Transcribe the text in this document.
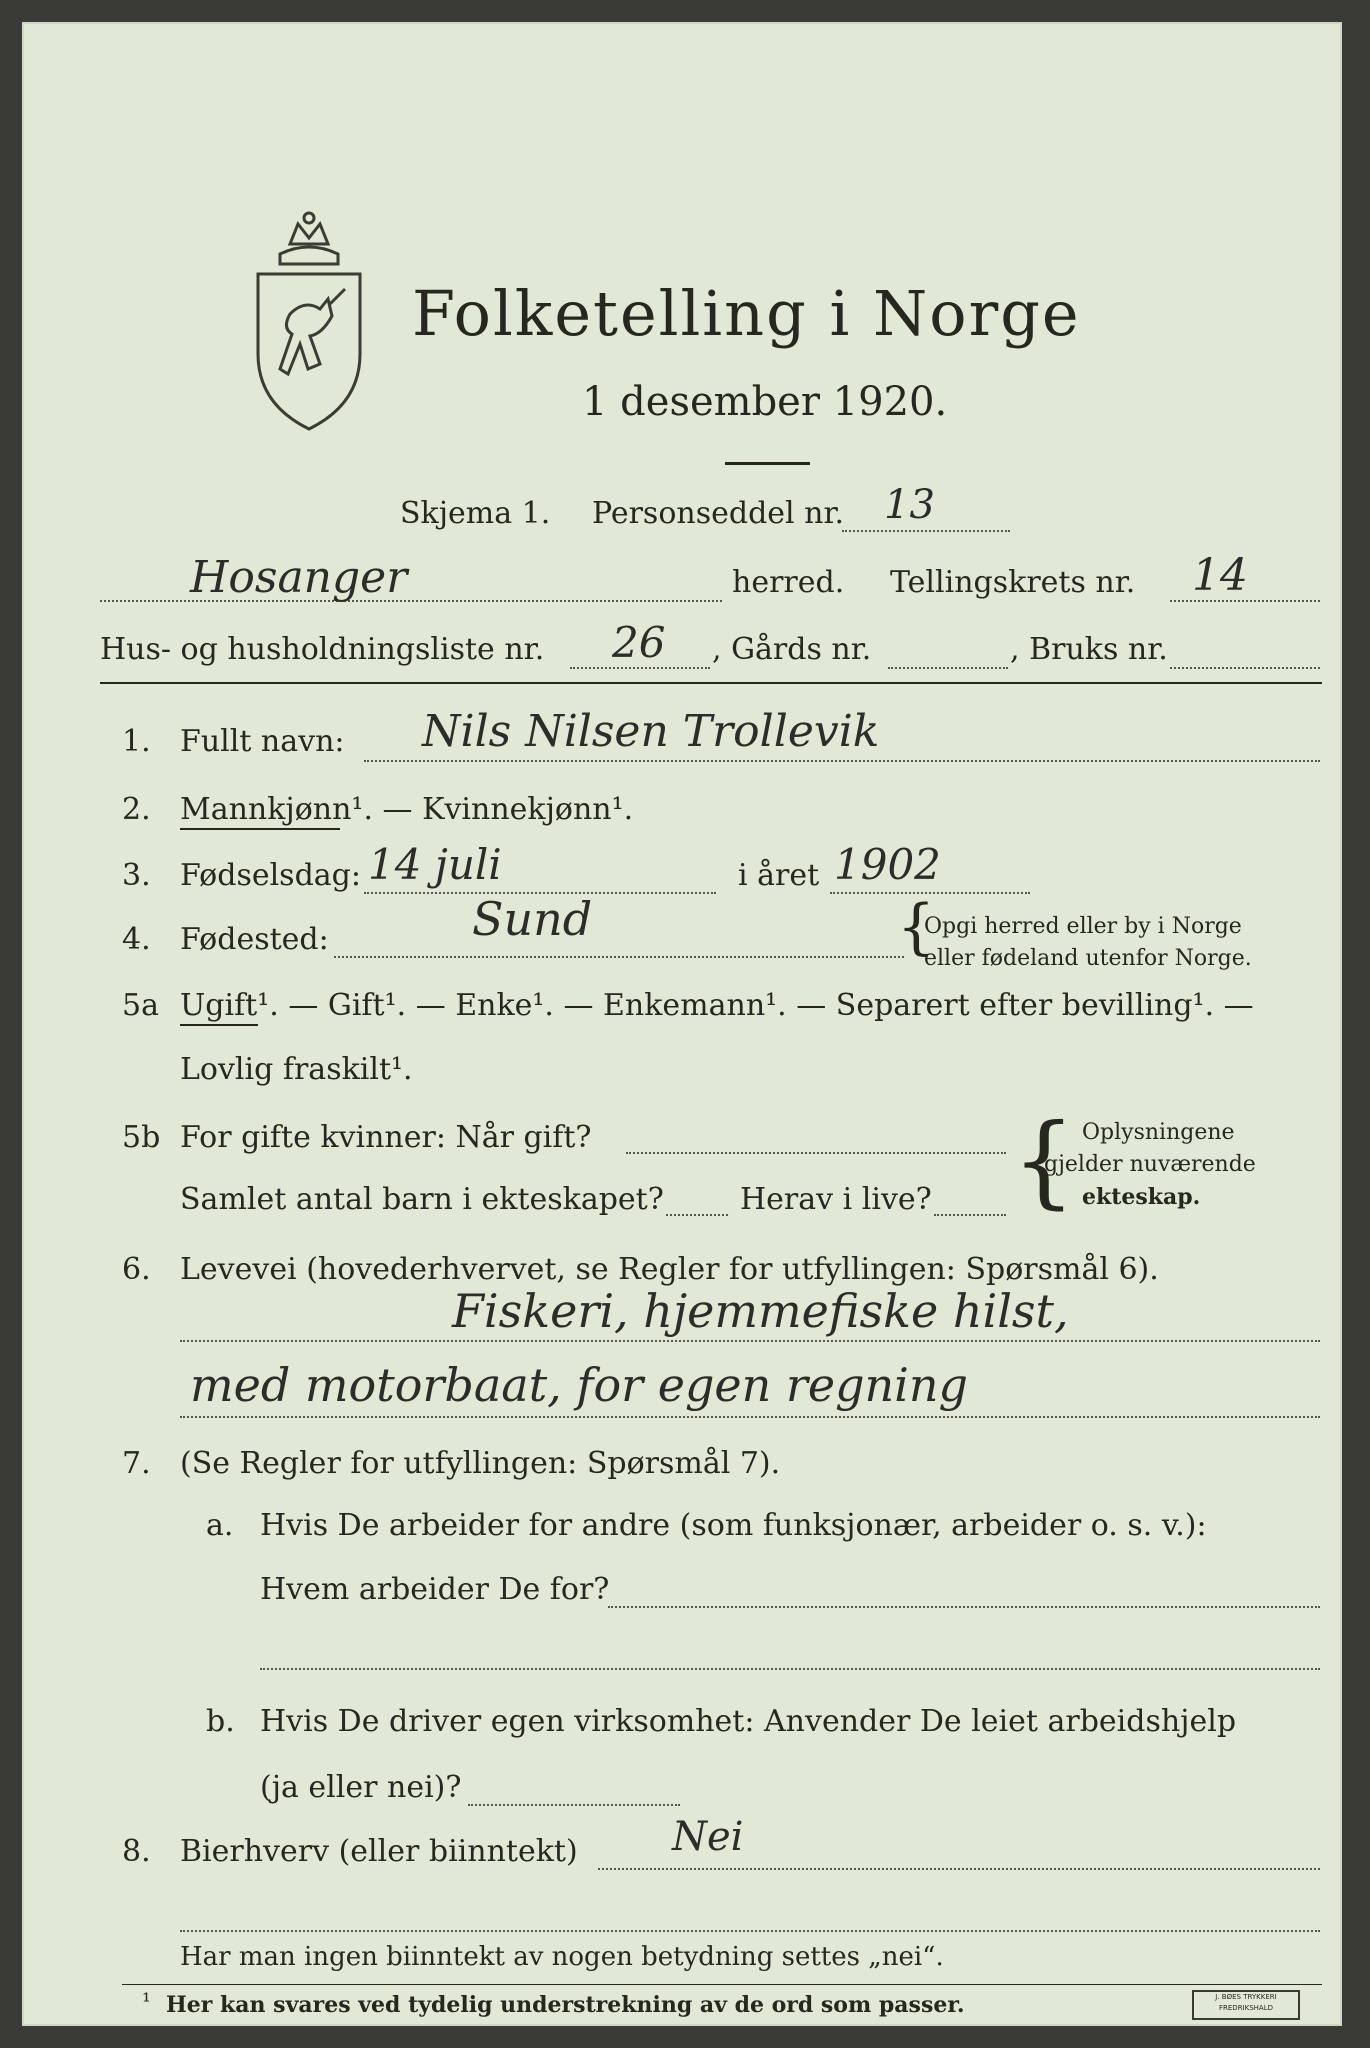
Folketelling i Norge
1 desember 1920.
Skjema 1. Personseddel nr. 13
Hosanger	herred. Tellingskrets nr. 14
Hus- og husholdningsliste nr. 26 , Gårds nr.	, Bruks nr.
1. Fullt navn: Nils Nilsen Trollevik
2. Mannkjønn¹. — Kvinnekjønn¹.
3. Fødselsdag: 14 juli	i året 1902
4. Fødested:	Sund	{
Opgi herred eller by i Norge
eller fødeland utenfor Norge.
5a Ugift¹. — Gift¹. — Enke¹. — Enkemann¹. — Separert efter bevilling¹. —
Lovlig fraskilt¹.
5b For gifte kvinner: Når gift?
Samlet antal barn i ekteskapet?	Herav i live? { Oplysningene
gjelder nuværende
ekteskap.
6. Levevei (hovederhvervet, se Regler for utfyllingen: Spørsmål 6).
Fiskeri, hjemmefiske hilst,
med motorbaat, for egen regning
7. (Se Regler for utfyllingen: Spørsmål 7).
a. Hvis De arbeider for andre (som funksjonær, arbeider o. s. v.):
Hvem arbeider De for?
b. Hvis De driver egen virksomhet: Anvender De leiet arbeidshjelp
(ja eller nei)?
8. Bierhverv (eller biinntekt) Nei
Har man ingen biinntekt av nogen betydning settes „nei“.
¹ Her kan svares ved tydelig understrekning av de ord som passer.	J. BØES TRYKKERI
FREDRIKSHALD
